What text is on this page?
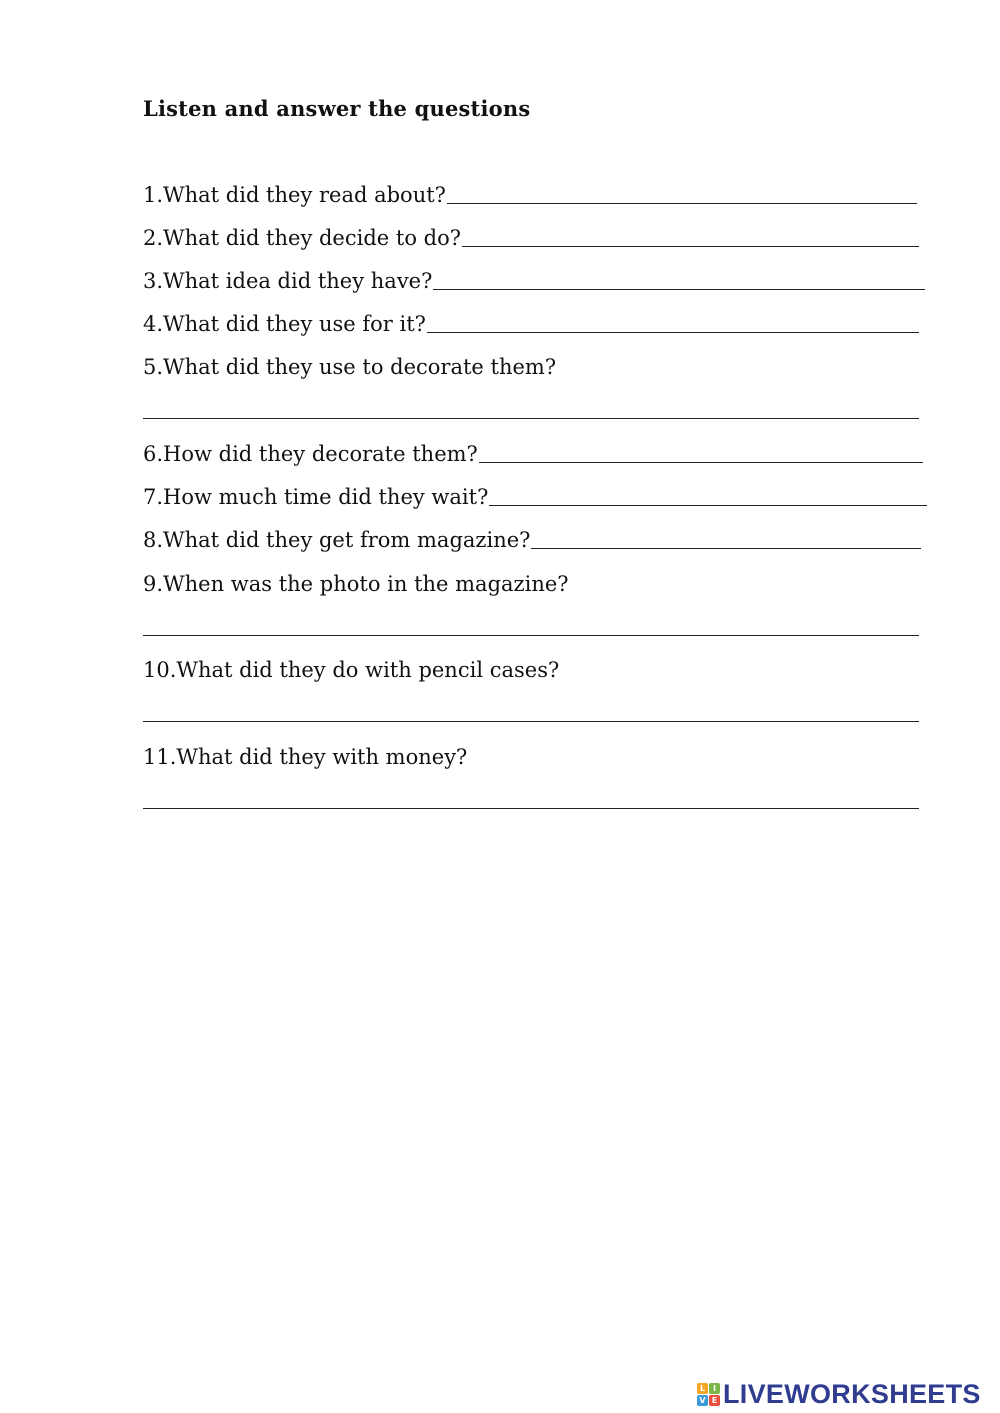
Listen and answer the questions
1.What did they read about?
2.What did they decide to do?
3.What idea did they have?
4.What did they use for it?
5.What did they use to decorate them?
6.How did they decorate them?
7.How much time did they wait?
8.What did they get from magazine?
9.When was the photo in the magazine?
10.What did they do with pencil cases?
11.What did they with money?
L I
V E LIVEWORKSHEETS
